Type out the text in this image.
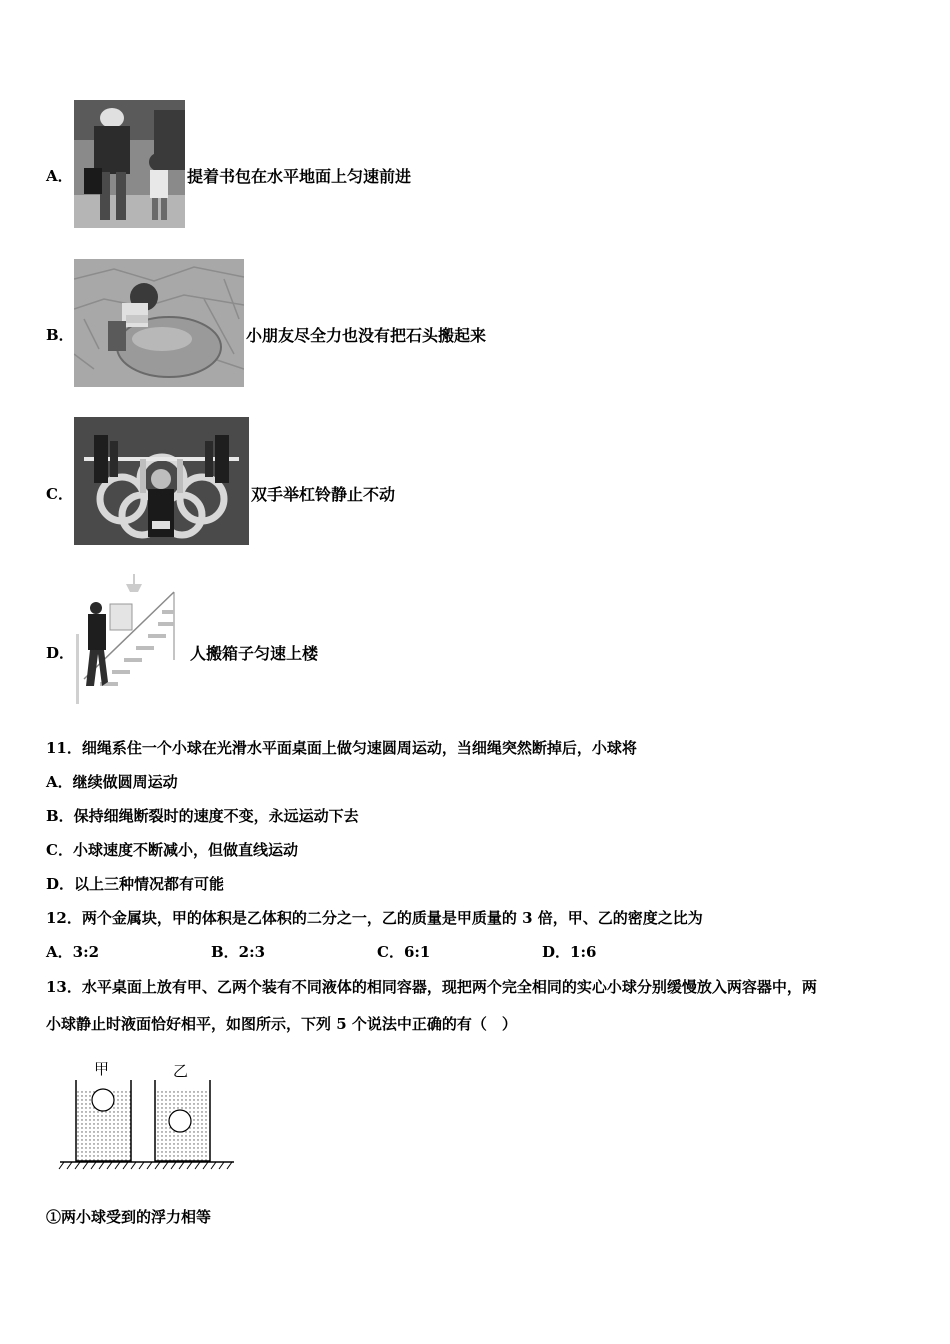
A．	提着书包在水平地面上匀速前进
B．	小朋友尽全力也没有把石头搬起来
C．	双手举杠铃静止不动
D．	人搬箱子匀速上楼
11．细绳系住一个小球在光滑水平面桌面上做匀速圆周运动，当细绳突然断掉后，小球将
A．继续做圆周运动
B．保持细绳断裂时的速度不变，永远运动下去
C．小球速度不断减小，但做直线运动
D．以上三种情况都有可能
12．两个金属块，甲的体积是乙体积的二分之一，乙的质量是甲质量的 3 倍，甲、乙的密度之比为
A．3:2	B．2:3	C．6:1	D．1:6
13．水平桌面上放有甲、乙两个装有不同液体的相同容器，现把两个完全相同的实心小球分别缓慢放入两容器中，两
小球静止时液面恰好相平，如图所示，下列 5 个说法中正确的有（　）
甲	乙
①两小球受到的浮力相等
